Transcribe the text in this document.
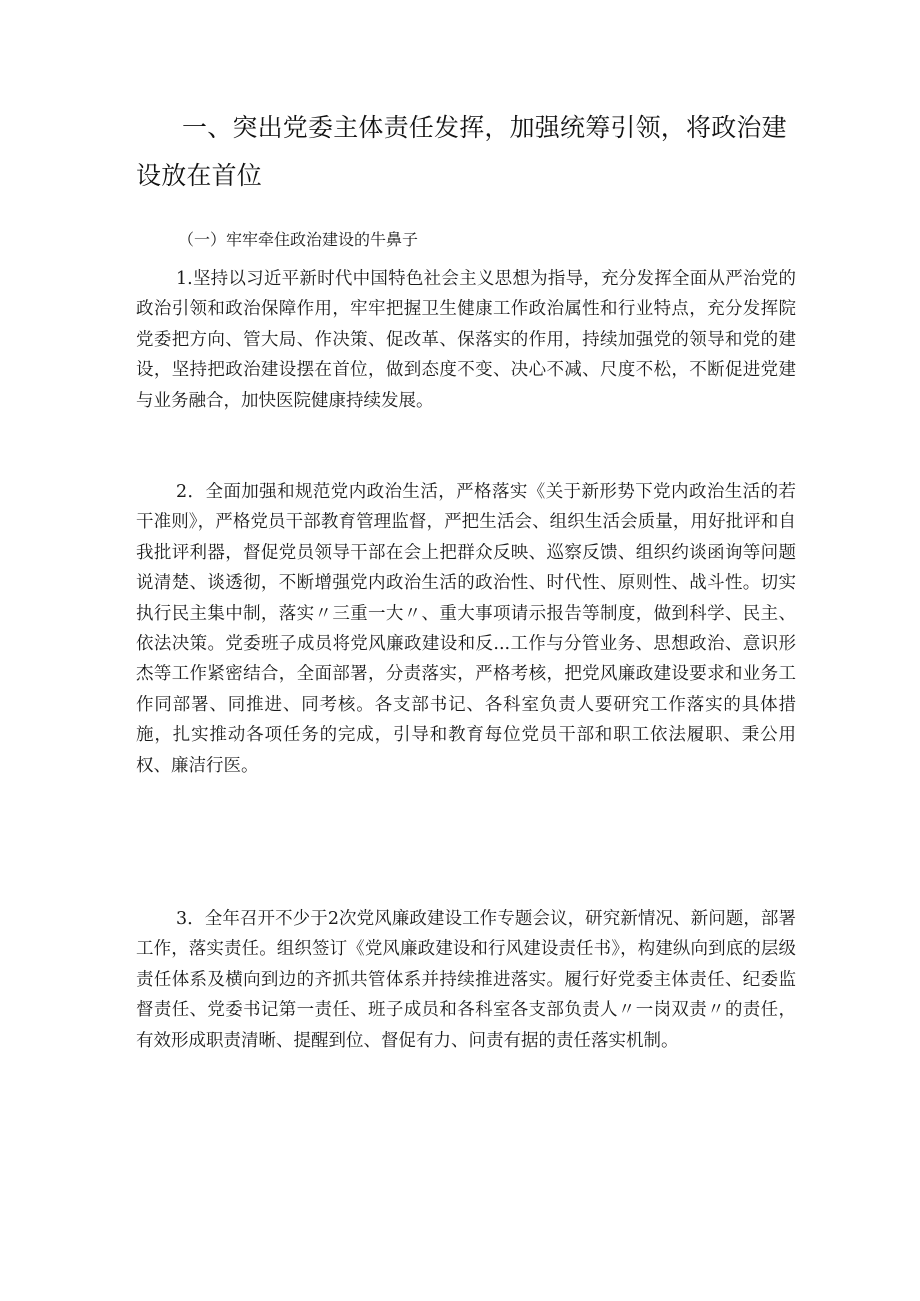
一、突出党委主体责任发挥，加强统筹引领，将政治建设放在首位

（一）牢牢牵住政治建设的牛鼻子

1.坚持以习近平新时代中国特色社会主义思想为指导，充分发挥全面从严治党的政治引领和政治保障作用，牢牢把握卫生健康工作政治属性和行业特点，充分发挥院党委把方向、管大局、作决策、促改革、保落实的作用，持续加强党的领导和党的建设，坚持把政治建设摆在首位，做到态度不变、决心不减、尺度不松，不断促进党建与业务融合，加快医院健康持续发展。

2．全面加强和规范党内政治生活，严格落实《关于新形势下党内政治生活的若干准则》，严格党员干部教育管理监督，严把生活会、组织生活会质量，用好批评和自我批评利器，督促党员领导干部在会上把群众反映、巡察反馈、组织约谈函询等问题说清楚、谈透彻，不断增强党内政治生活的政治性、时代性、原则性、战斗性。切实执行民主集中制，落实〃三重一大〃、重大事项请示报告等制度，做到科学、民主、依法决策。党委班子成员将党风廉政建设和反...工作与分管业务、思想政治、意识形杰等工作紧密结合，全面部署，分责落实，严格考核，把党风廉政建设要求和业务工作同部署、同推进、同考核。各支部书记、各科室负责人要研究工作落实的具体措施，扎实推动各项任务的完成，引导和教育每位党员干部和职工依法履职、秉公用权、廉洁行医。

3．全年召开不少于2次党风廉政建设工作专题会议，研究新情况、新问题，部署工作，落实责任。组织签订《党风廉政建设和行风建设责任书》，构建纵向到底的层级责任体系及横向到边的齐抓共管体系并持续推进落实。履行好党委主体责任、纪委监督责任、党委书记第一责任、班子成员和各科室各支部负责人〃一岗双责〃的责任，有效形成职责清晰、提醒到位、督促有力、问责有据的责任落实机制。
